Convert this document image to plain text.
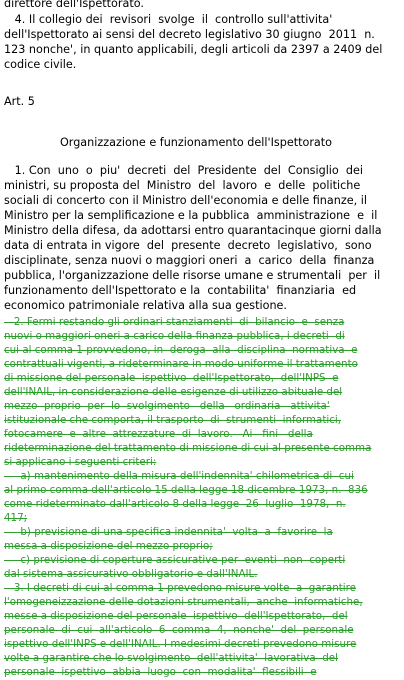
direttore dell'Ispettorato.
4. Il collegio dei  revisori  svolge  il  controllo sull'attivita'
dell'Ispettorato ai sensi del decreto legislativo 30 giugno  2011  n.
123 nonche', in quanto applicabili, degli articoli da 2397 a 2409 del
codice civile.
Art. 5
Organizzazione e funzionamento dell'Ispettorato
1. Con  uno  o  piu'  decreti  del  Presidente  del  Consiglio  dei
ministri, su proposta del  Ministro  del  lavoro  e  delle  politiche
sociali di concerto con il Ministro dell'economia e delle finanze, il
Ministro per la semplificazione e la pubblica  amministrazione  e  il
Ministro della difesa, da adottarsi entro quarantacinque giorni dalla
data di entrata in vigore  del  presente  decreto  legislativo,  sono
disciplinate, senza nuovi o maggiori oneri  a  carico  della  finanza
pubblica, l'organizzazione delle risorse umane e strumentali  per  il
funzionamento dell'Ispettorato e la  contabilita'  finanziaria  ed
economico patrimoniale relativa alla sua gestione.
2. Fermi restando gli ordinari stanziamenti  di  bilancio  e  senza
nuovi o maggiori oneri a carico della finanza pubblica, i decreti  di
cui al comma 1 provvedono, in  deroga  alla  disciplina  normativa  e
contrattuali vigenti, a rideterminare in modo uniforme il trattamento
di missione del personale  ispettivo  dell'Ispettorato,  dell'INPS  e
dell'INAIL, in considerazione delle esigenze di utilizzo abituale del
mezzo  proprio  per  lo  svolgimento   della   ordinaria   attivita'
istituzionale che comporta, il trasporto  di  strumenti  informatici,
fotocamere  e  altre  attrezzature  di  lavoro.   Ai   fini   della
rideterminazione del trattamento di missione di cui al presente comma
si applicano i seguenti criteri:
a) mantenimento della misura dell'indennita' chilometrica di  cui
al primo comma dell'articolo 15 della legge 18 dicembre 1973, n.  836
come rideterminato dall'articolo 8 della legge  26  luglio  1978,  n.
417;
b) previsione di una specifica indennita'  volta  a  favorire  la
messa a disposizione del mezzo proprio;
c) previsione di coperture assicurative per  eventi  non  coperti
dal sistema assicurativo obbligatorio e dall'INAIL.
3. I decreti di cui al comma 1 prevedono misure volte  a  garantire
l'omogeneizzazione delle dotazioni strumentali,  anche  informatiche,
messe a disposizione del personale  ispettivo  dell'Ispettorato,  del
personale  di  cui  all'articolo  6  comma  4,  nonche'  del  personale
ispettivo dell'INPS e dell'INAIL. I medesimi decreti prevedono misure
volte a garantire che lo svolgimento  dell'attivita'  lavorativa  del
personale  ispettivo  abbia  luogo  con  modalita'  flessibili  e
